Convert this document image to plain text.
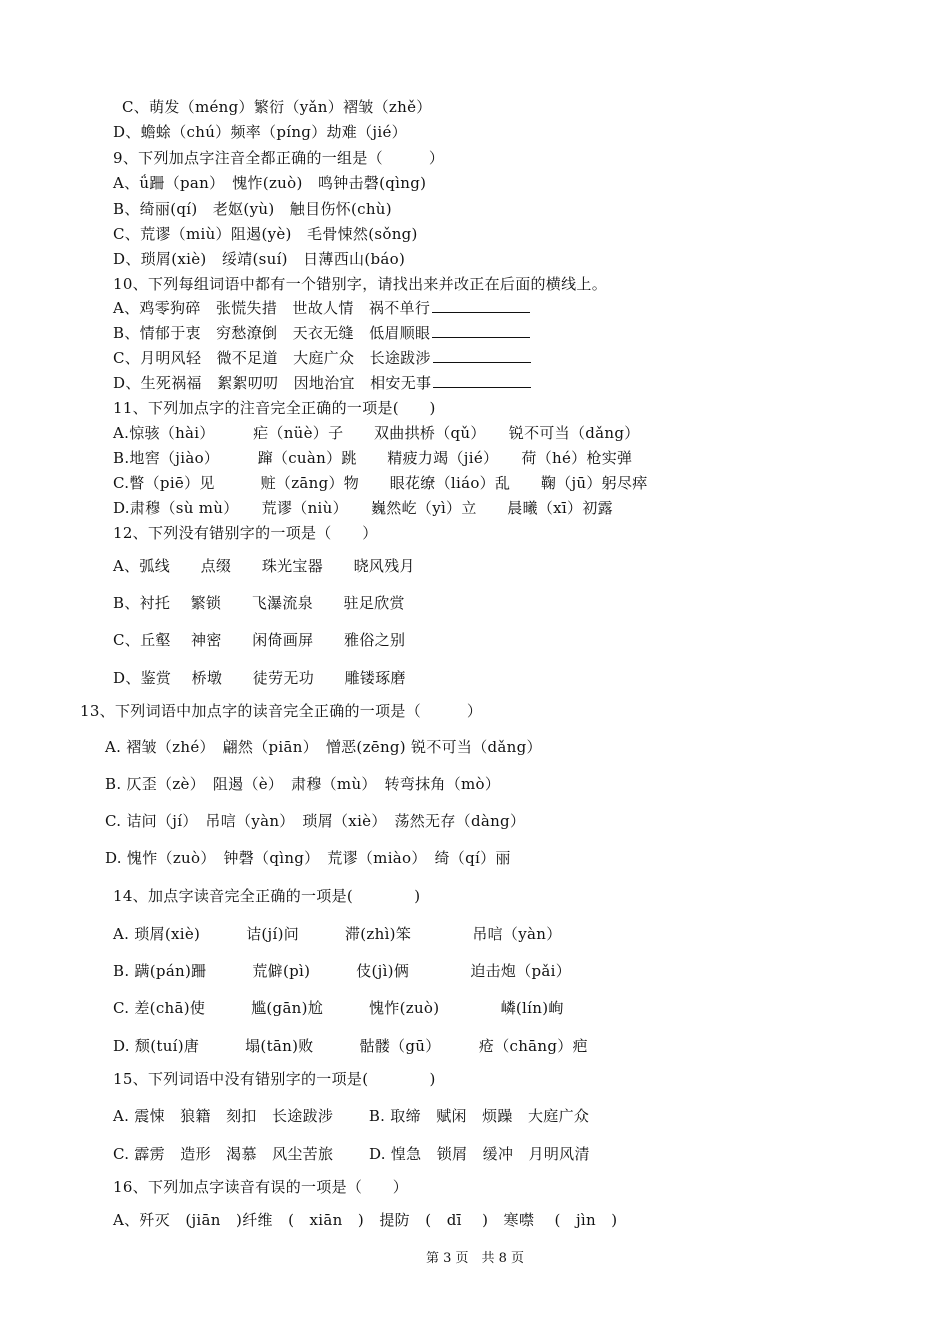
C、萌发（méng）繁衍（yǎn）褶皱（zhě）
D、蟾蜍（chú）频率（pínɡ）劫难（jié）
9、下列加点字注音全都正确的一组是（　　　）
A、ǘ跚（pan）　愧怍(zuò)　鸣钟击磬(qìng)
B、绮丽(qí)　老妪(yù)　触目伤怀(chù)
C、荒谬（miù）阻遏(yè)　毛骨悚然(sǒng)
D、琐屑(xiè)　绥靖(suí)　日薄西山(báo)
10、下列每组词语中都有一个错别字，请找出来并改正在后面的横线上。
A、鸡零狗碎　张慌失措　世故人情　祸不单行
B、情郁于衷　穷愁潦倒　天衣无缝　低眉顺眼
C、月明风轻　微不足道　大庭广众　长途跋涉
D、生死祸福　絮絮叨叨　因地治宜　相安无事
11、下列加点字的注音完全正确的一项是(　　)
A.惊骇（hài）　　　疟（nüè）子　　双曲拱桥（qǔ）　　锐不可当（dǎng）
B.地窖（jiào）　　　蹿（cuàn）跳　　精疲力竭（jié）　　荷（hé）枪实弹
C.瞥（piē）见　　　赃（zāng）物　　眼花缭（liáo）乱　　鞠（jū）躬尽瘁
D.肃穆（sù mù）　　荒谬（niù）　　巍然屹（yì）立　　晨曦（xī）初露
12、下列没有错别字的一项是（　　）
A、弧线　　点缀　　珠光宝器　　晓风残月
B、衬托　 繁锁　　飞瀑流泉　　驻足欣赏
C、丘壑　 神密　　闲倚画屏　　雅俗之别
D、鉴赏　 桥墩　　徒劳无功　　雕镂琢磨
13、下列词语中加点字的读音完全正确的一项是（　　　）
A. 褶皱（zhé）　翩然（piān）　憎恶(zēng) 锐不可当（dǎng）
B. 仄歪（zè）　阻遏（è）　肃穆（mù）　转弯抹角（mò）
C. 诘问（jí）　吊唁（yàn）　琐屑（xiè）　荡然无存（dàng）
D. 愧怍（zuò）　钟磬（qìng）　荒谬（miào）　绮（qí）丽
14、加点字读音完全正确的一项是(　　　　)
A. 琐屑(xiè)　　　诘(jí)问　　　滞(zhì)笨　　　　吊唁（yàn）
B. 蹒(pán)跚　　　荒僻(pì)　　　伎(jì)俩　　　　迫击炮（pǎi）
C. 差(chā)使　　　尴(gān)尬　　　愧怍(zuò)　　　　嶙(lín)峋
D. 颓(tuí)唐　　　塌(tān)败　　　骷髅（gū）　　　疮（chāng）疤
15、下列词语中没有错别字的一项是(　　　　)
A. 震悚　狼籍　刻扣　长途跋涉　　 B. 取缔　赋闲　烦躁　大庭广众
C. 霹雳　造形　渴慕　风尘苦旅　　 D. 惶急　锁屑　缓冲　月明风清
16、下列加点字读音有误的一项是（　　）
A、歼灭　(jiān　)纤维　(　xiān　)　提防　(　dī　 )　寒噤　 (　jìn　)
第 3 页　共 8 页
